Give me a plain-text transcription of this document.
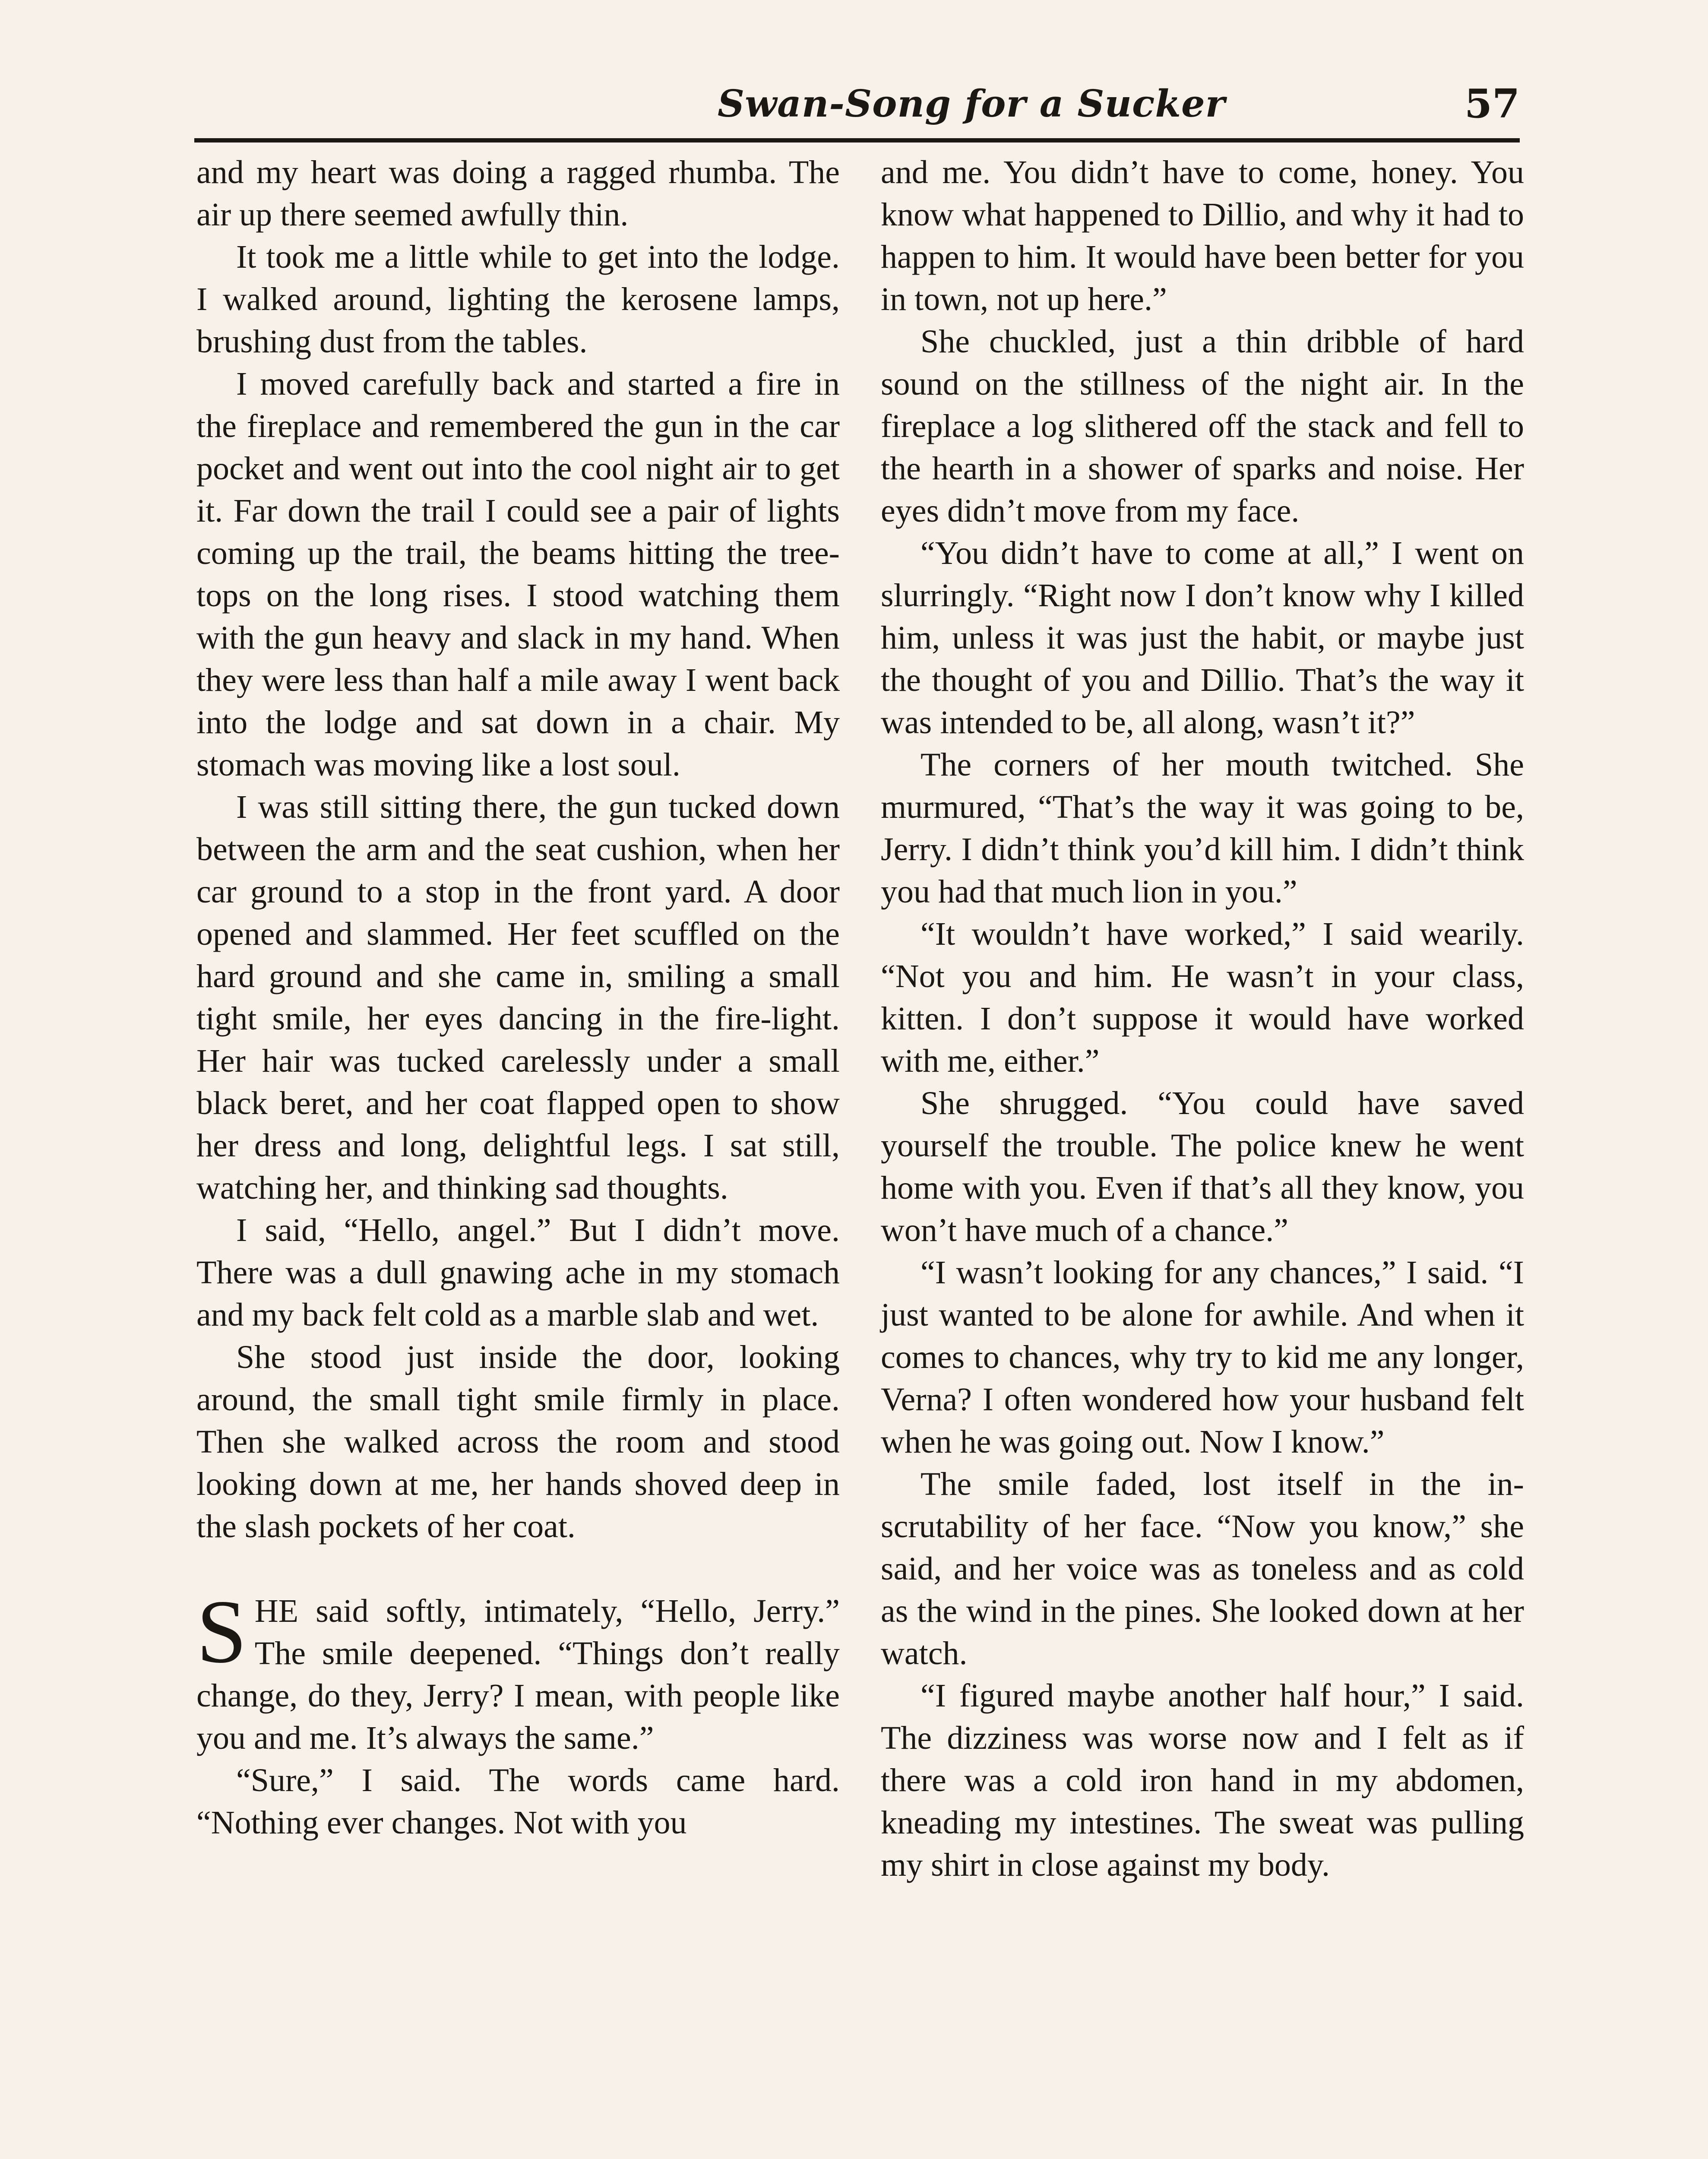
Swan-Song for a Sucker	57

and my heart was doing a ragged rhumba. The air up there seemed awfully thin.

It took me a little while to get into the lodge. I walked around, lighting the kerosene lamps, brushing dust from the tables.

I moved carefully back and started a fire in the fireplace and remembered the gun in the car pocket and went out into the cool night air to get it. Far down the trail I could see a pair of lights coming up the trail, the beams hitting the tree-tops on the long rises. I stood watching them with the gun heavy and slack in my hand. When they were less than half a mile away I went back into the lodge and sat down in a chair. My stomach was moving like a lost soul.

I was still sitting there, the gun tucked down between the arm and the seat cushion, when her car ground to a stop in the front yard. A door opened and slammed. Her feet scuffled on the hard ground and she came in, smiling a small tight smile, her eyes dancing in the fire-light. Her hair was tucked carelessly under a small black beret, and her coat flapped open to show her dress and long, delightful legs. I sat still, watching her, and thinking sad thoughts.

I said, “Hello, angel.” But I didn’t move. There was a dull gnawing ache in my stomach and my back felt cold as a marble slab and wet.

She stood just inside the door, looking around, the small tight smile firmly in place. Then she walked across the room and stood looking down at me, her hands shoved deep in the slash pockets of her coat.

SHE said softly, intimately, “Hello, Jerry.” The smile deepened. “Things don’t really change, do they, Jerry? I mean, with people like you and me. It’s always the same.”

“Sure,” I said. The words came hard. “Nothing ever changes. Not with you

and me. You didn’t have to come, honey. You know what happened to Dillio, and why it had to happen to him. It would have been better for you in town, not up here.”

She chuckled, just a thin dribble of hard sound on the stillness of the night air. In the fireplace a log slithered off the stack and fell to the hearth in a shower of sparks and noise. Her eyes didn’t move from my face.

“You didn’t have to come at all,” I went on slurringly. “Right now I don’t know why I killed him, unless it was just the habit, or maybe just the thought of you and Dillio. That’s the way it was intended to be, all along, wasn’t it?”

The corners of her mouth twitched. She murmured, “That’s the way it was going to be, Jerry. I didn’t think you’d kill him. I didn’t think you had that much lion in you.”

“It wouldn’t have worked,” I said wearily. “Not you and him. He wasn’t in your class, kitten. I don’t suppose it would have worked with me, either.”

She shrugged. “You could have saved yourself the trouble. The police knew he went home with you. Even if that’s all they know, you won’t have much of a chance.”

“I wasn’t looking for any chances,” I said. “I just wanted to be alone for awhile. And when it comes to chances, why try to kid me any longer, Verna? I often wondered how your husband felt when he was going out. Now I know.”

The smile faded, lost itself in the in-scrutability of her face. “Now you know,” she said, and her voice was as toneless and as cold as the wind in the pines. She looked down at her watch.

“I figured maybe another half hour,” I said. The dizziness was worse now and I felt as if there was a cold iron hand in my abdomen, kneading my intestines. The sweat was pulling my shirt in close against my body.
